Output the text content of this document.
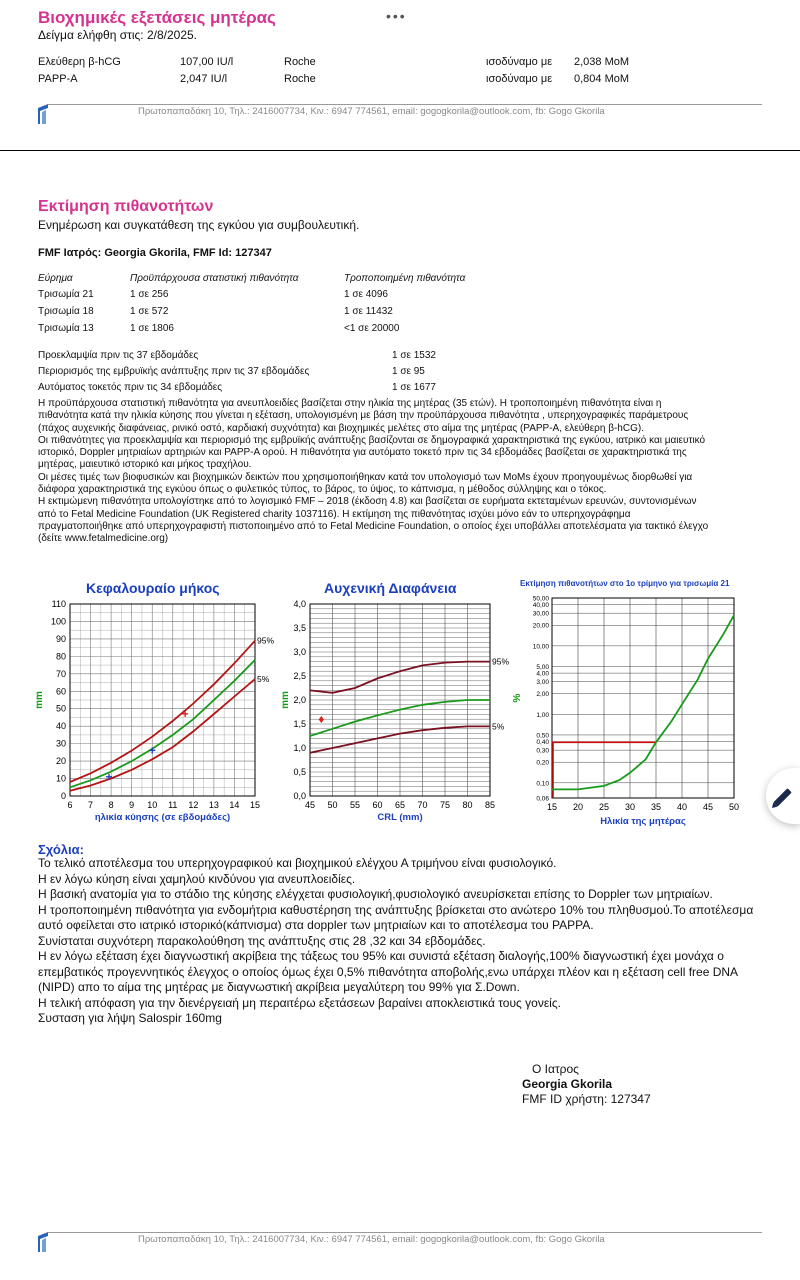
Βιοχημικές εξετάσεις μητέρας	•••
Δείγμα ελήφθη στις: 2/8/2025.
Ελεύθερη β-hCG	107,00 IU/l	Roche	ισοδύναμο με 2,038 MoM
PAPP-A	2,047 IU/l	Roche	ισοδύναμο με 0,804 MoM
Πρωτοπαπαδάκη 10, Τηλ.: 2416007734, Κιν.: 6947 774561, email: gogogkorila@outlook.com, fb: Gogo Gkorila
Εκτίμηση πιθανοτήτων
Ενημέρωση και συγκατάθεση της εγκύου για συμβουλευτική.
FMF Ιατρός: Georgia Gkorila, FMF Id: 127347
Εύρημα	Προϋπάρχουσα στατιστική πιθανότητα	Τροποποιημένη πιθανότητα
Τρισωμία 21	1 σε 256	1 σε 4096
Τρισωμία 18	1 σε 572	1 σε 11432
Τρισωμία 13	1 σε 1806	<1 σε 20000
Προεκλαμψία πριν τις 37 εβδομάδες	1 σε 1532
Περιορισμός της εμβρυϊκής ανάπτυξης πριν τις 37 εβδομάδες	1 σε 95
Αυτόματος τοκετός πριν τις 34 εβδομάδες	1 σε 1677
Η προϋπάρχουσα στατιστική πιθανότητα για ανευπλοειδίες βασίζεται στην ηλικία της μητέρας (35 ετών). Η τροποποιημένη πιθανότητα είναι η
πιθανότητα κατά την ηλικία κύησης που γίνεται η εξέταση, υπολογισμένη με βάση την προϋπάρχουσα πιθανότητα , υπερηχογραφικές παράμετρους
(πάχος αυχενικής διαφάνειας, ρινικό οστό, καρδιακή συχνότητα) και βιοχημικές μελέτες στο αίμα της μητέρας (PAPP-A, ελεύθερη β-hCG).
Οι πιθανότητες για προεκλαμψία και περιορισμό της εμβρυϊκής ανάπτυξης βασίζονται σε δημογραφικά χαρακτηριστικά της εγκύου, ιατρικό και μαιευτικό
ιστορικό, Doppler μητριαίων αρτηριών και PAPP-A ορού. Η πιθανότητα για αυτόματο τοκετό πριν τις 34 εβδομάδες βασίζεται σε χαρακτηριστικά της
μητέρας, μαιευτικό ιστορικό και μήκος τραχήλου.
Οι μέσες τιμές των βιοφυσικών και βιοχημικών δεικτών που χρησιμοποιήθηκαν κατά τον υπολογισμό των MoMs έχουν προηγουμένως διορθωθεί για
διάφορα χαρακτηριστικά της εγκύου όπως ο φυλετικός τύπος, το βάρος, το ύψος, το κάπνισμα, η μέθοδος σύλληψης και ο τόκος.
Η εκτιμώμενη πιθανότητα υπολογίστηκε από το λογισμικό FMF – 2018 (έκδοση 4.8) και βασίζεται σε ευρήματα εκτεταμένων ερευνών, συντονισμένων
από το Fetal Medicine Foundation (UK Registered charity 1037116). Η εκτίμηση της πιθανότητας ισχύει μόνο εάν το υπερηχογράφημα
πραγματοποιήθηκε από υπερηχογραφιστή πιστοποιημένο από το Fetal Medicine Foundation, ο οποίος έχει υποβάλλει αποτελέσματα για τακτικό έλεγχο
(δείτε www.fetalmedicine.org)
Κεφαλουραίο μήκος	Αυχενική Διαφάνεια	Εκτίμηση πιθανοτήτων στο 1ο τρίμηνο για τρισωμία 21
0
10
20
30
40
50
60
70
80
90
100
110
6 7 8 9 10 11 12 13 14 15
mm
ηλικία κύησης (σε εβδομάδες)
95%
5%
+
+
+
0,0
0,5
1,0
1,5
2,0
2,5
3,0
3,5
4,0
45 50 55 60 65 70 75 80 85
mm
CRL (mm)
95%
5%
♦
0,06
0,10
0,20
0,30
0,40
0,50
1,00
2,00
3,00
4,00
5,00
10,00
20,00
30,00
40,00
50,00
15 20 25 30 35 40 45 50
%
Ηλικία της μητέρας
Σχόλια:
Το τελικό αποτέλεσμα του υπερηχογραφικού και βιοχημικού ελέγχου Α τριμήνου είναι φυσιολογικό.
Η εν λόγω κύηση είναι χαμηλού κινδύνου για ανευπλοειδίες.
Η βασική ανατομία για το στάδιο της κύησης ελέγχεται φυσιολογική,φυσιολογικό ανευρίσκεται επίσης το Doppler των μητριαίων.
Η τροποποιημένη πιθανότητα για ενδομήτρια καθυστέρηση της ανάπτυξης βρίσκεται στο ανώτερο 10% του πληθυσμού.Το αποτέλεσμα
αυτό οφείλεται στο ιατρικό ιστορικό(κάπνισμα) στα doppler των μητριαίων και το αποτέλεσμα του PAPPA.
Συνίσταται συχνότερη παρακολούθηση της ανάπτυξης στις 28 ,32 και 34 εβδομάδες.
Η εν λόγω εξέταση έχει διαγνωστική ακρίβεια της τάξεως του 95% και συνιστά εξέταση διαλογής,100% διαγνωστική έχει μονάχα ο
επεμβατικός προγεννητικός έλεγχος ο οποίος όμως έχει 0,5% πιθανότητα αποβολής,ενω υπάρχει πλέον και η εξέταση cell free DNA
(NIPD) απο το αίμα της μητέρας με διαγνωστική ακρίβεια μεγαλύτερη του 99% για Σ.Down.
Η τελική απόφαση για την διενέργειαή μη περαιτέρω εξετάσεων βαραίνει αποκλειστικά τους γονείς.
Συσταση για λήψη Salospir 160mg
Ο Ιατρος
Georgia Gkorila
FMF ID χρήστη: 127347
Πρωτοπαπαδάκη 10, Τηλ.: 2416007734, Κιν.: 6947 774561, email: gogogkorila@outlook.com, fb: Gogo Gkorila
